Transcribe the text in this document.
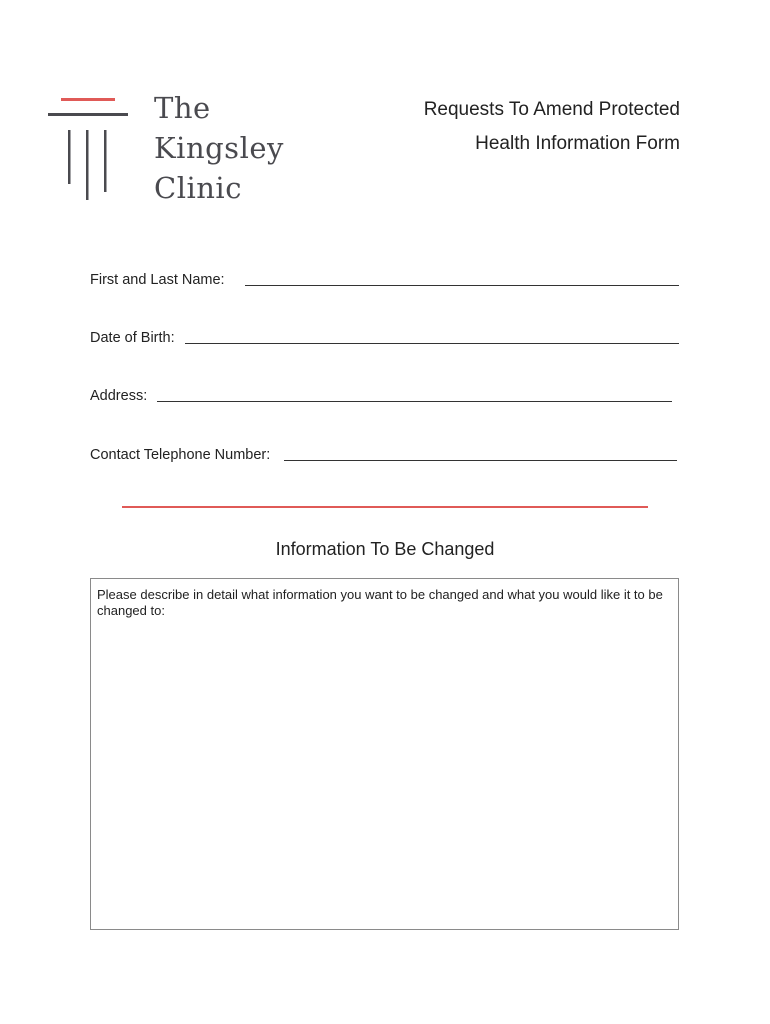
The
Kingsley
Clinic
Requests To Amend Protected
Health Information Form
First and Last Name:
Date of Birth:
Address:
Contact Telephone Number:
Information To Be Changed
Please describe in detail what information you want to be changed and what you would like it to be changed to:
